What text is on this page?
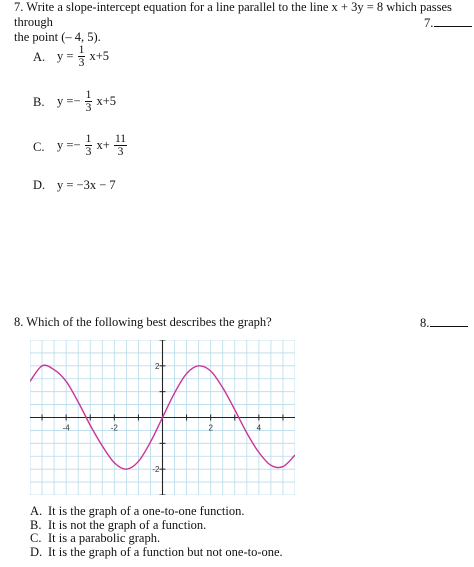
7. Write a slope-intercept equation for a line parallel to the line x + 3y = 8 which passes through
the point (– 4, 5).
7.
A. $y = \frac{1}{3} x+5$
B. $y =- \frac{1}{3} x+5$
C. $y =- \frac{1}{3} x+ \frac{11}{3}$
D. y = −3x − 7
8. Which of the following best describes the graph?	8.
-4	-2	2	4
2
-2
A. It is the graph of a one-to-one function.
B. It is not the graph of a function.
C. It is a parabolic graph.
D. It is the graph of a function but not one-to-one.
